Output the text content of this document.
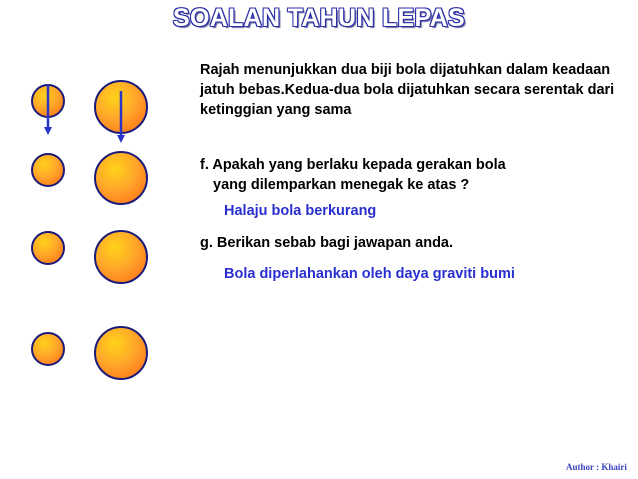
SOALAN TAHUN LEPAS

Rajah menunjukkan dua biji bola dijatuhkan dalam keadaan jatuh bebas.Kedua-dua bola dijatuhkan secara serentak dari ketinggian yang sama

f. Apakah yang berlaku kepada gerakan bola

yang dilemparkan menegak ke atas ?

Halaju bola berkurang

g. Berikan sebab bagi jawapan anda.

Bola diperlahankan oleh daya graviti bumi

Author : Khairi
